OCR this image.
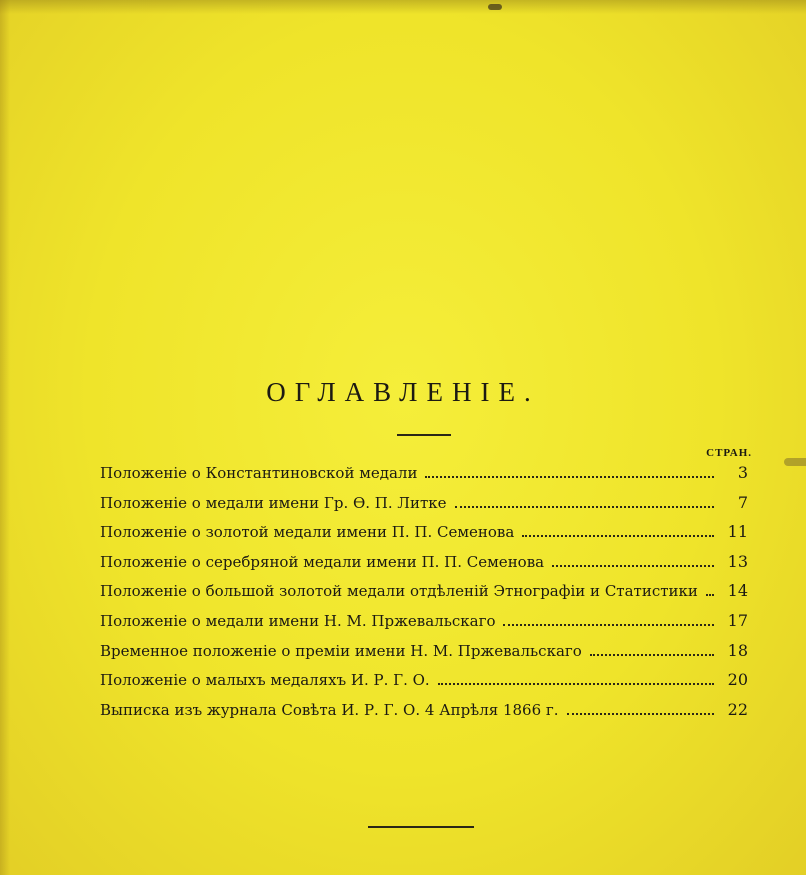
ОГЛАВЛЕНIЕ.
СТРАН.
Положенiе о Константиновской медали	3
Положенiе о медали имени Гр. Ѳ. П. Литке	7
Положенiе о золотой медали имени П. П. Семенова	11
Положенiе о серебряной медали имени П. П. Семенова	13
Положенiе о большой золотой медали отдѣленiй Этнографiи и Статистики	14
Положенiе о медали имени Н. М. Пржевальскаго	17
Временное положенiе о премiи имени Н. М. Пржевальскаго	18
Положенiе о малыхъ медаляхъ И. Р. Г. О.	20
Выписка изъ журнала Совѣта И. Р. Г. О. 4 Апрѣля 1866 г.	22
